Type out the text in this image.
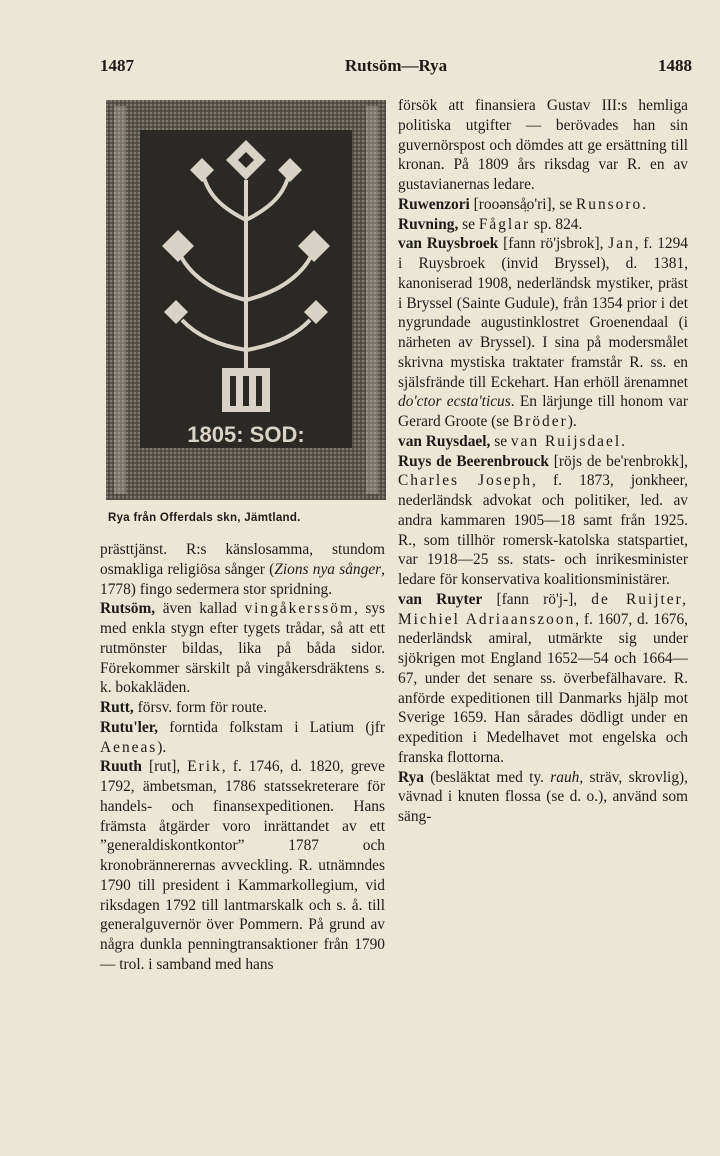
1487	Rutsöm—Rya	1488
1805: SOD:
Rya från Offerdals skn, Jämtland.

prästtjänst. R:s känslosamma, stundom osmakliga religiösa sånger (Zions nya sånger, 1778) fingo sedermera stor spridning.

Rutsöm, även kallad vingåkerssöm, sys med enkla stygn efter tygets trådar, så att ett rutmönster bildas, lika på båda sidor. Förekommer särskilt på vingåkersdräktens s. k. bokakläden.

Rutt, försv. form för route.

Rutu'ler, forntida folkstam i Latium (jfr Aeneas).

Ruuth [rut], Erik, f. 1746, d. 1820, greve 1792, ämbetsman, 1786 statssekreterare för handels- och finansexpeditionen. Hans främsta åtgärder voro inrättandet av ett ”generaldiskontkontor” 1787 och kronobrännerernas avveckling. R. utnämndes 1790 till president i Kammarkollegium, vid riksdagen 1792 till lantmarskalk och s. å. till generalguvernör över Pommern. På grund av några dunkla penningtransaktioner från 1790 — trol. i samband med hans

försök att finansiera Gustav III:s hemliga politiska utgifter — berövades han sin guvernörspost och dömdes att ge ersättning till kronan. På 1809 års riksdag var R. en av gustavianernas ledare.

Ruwenzori [rooənså̤o'ri], se Runsoro.

Ruvning, se Fåglar sp. 824.

van Ruysbroek [fann rö'jsbrok], Jan, f. 1294 i Ruysbroek (invid Bryssel), d. 1381, kanoniserad 1908, nederländsk mystiker, präst i Bryssel (Sainte Gudule), från 1354 prior i det nygrundade augustinklostret Groenendaal (i närheten av Bryssel). I sina på modersmålet skrivna mystiska traktater framstår R. ss. en själsfrände till Eckehart. Han erhöll ärenamnet do'ctor ecsta'ticus. En lärjunge till honom var Gerard Groote (se Bröder).

van Ruysdael, se van Ruijsdael.

Ruys de Beerenbrouck [röjs de be'renbrokk], Charles Joseph, f. 1873, jonkheer, nederländsk advokat och politiker, led. av andra kammaren 1905—18 samt från 1925. R., som tillhör romersk-katolska statspartiet, var 1918—25 ss. stats- och inrikesminister ledare för konservativa koalitionsministärer.

van Ruyter [fann rö'j-], de Ruijter, Michiel Adriaanszoon, f. 1607, d. 1676, nederländsk amiral, utmärkte sig under sjökrigen mot England 1652—54 och 1664—67, under det senare ss. överbefälhavare. R. anförde expeditionen till Danmarks hjälp mot Sverige 1659. Han sårades dödligt under en expedition i Medelhavet mot engelska och franska flottorna.

Rya (besläktat med ty. rauh, sträv, skrovlig), vävnad i knuten flossa (se d. o.), använd som säng-
